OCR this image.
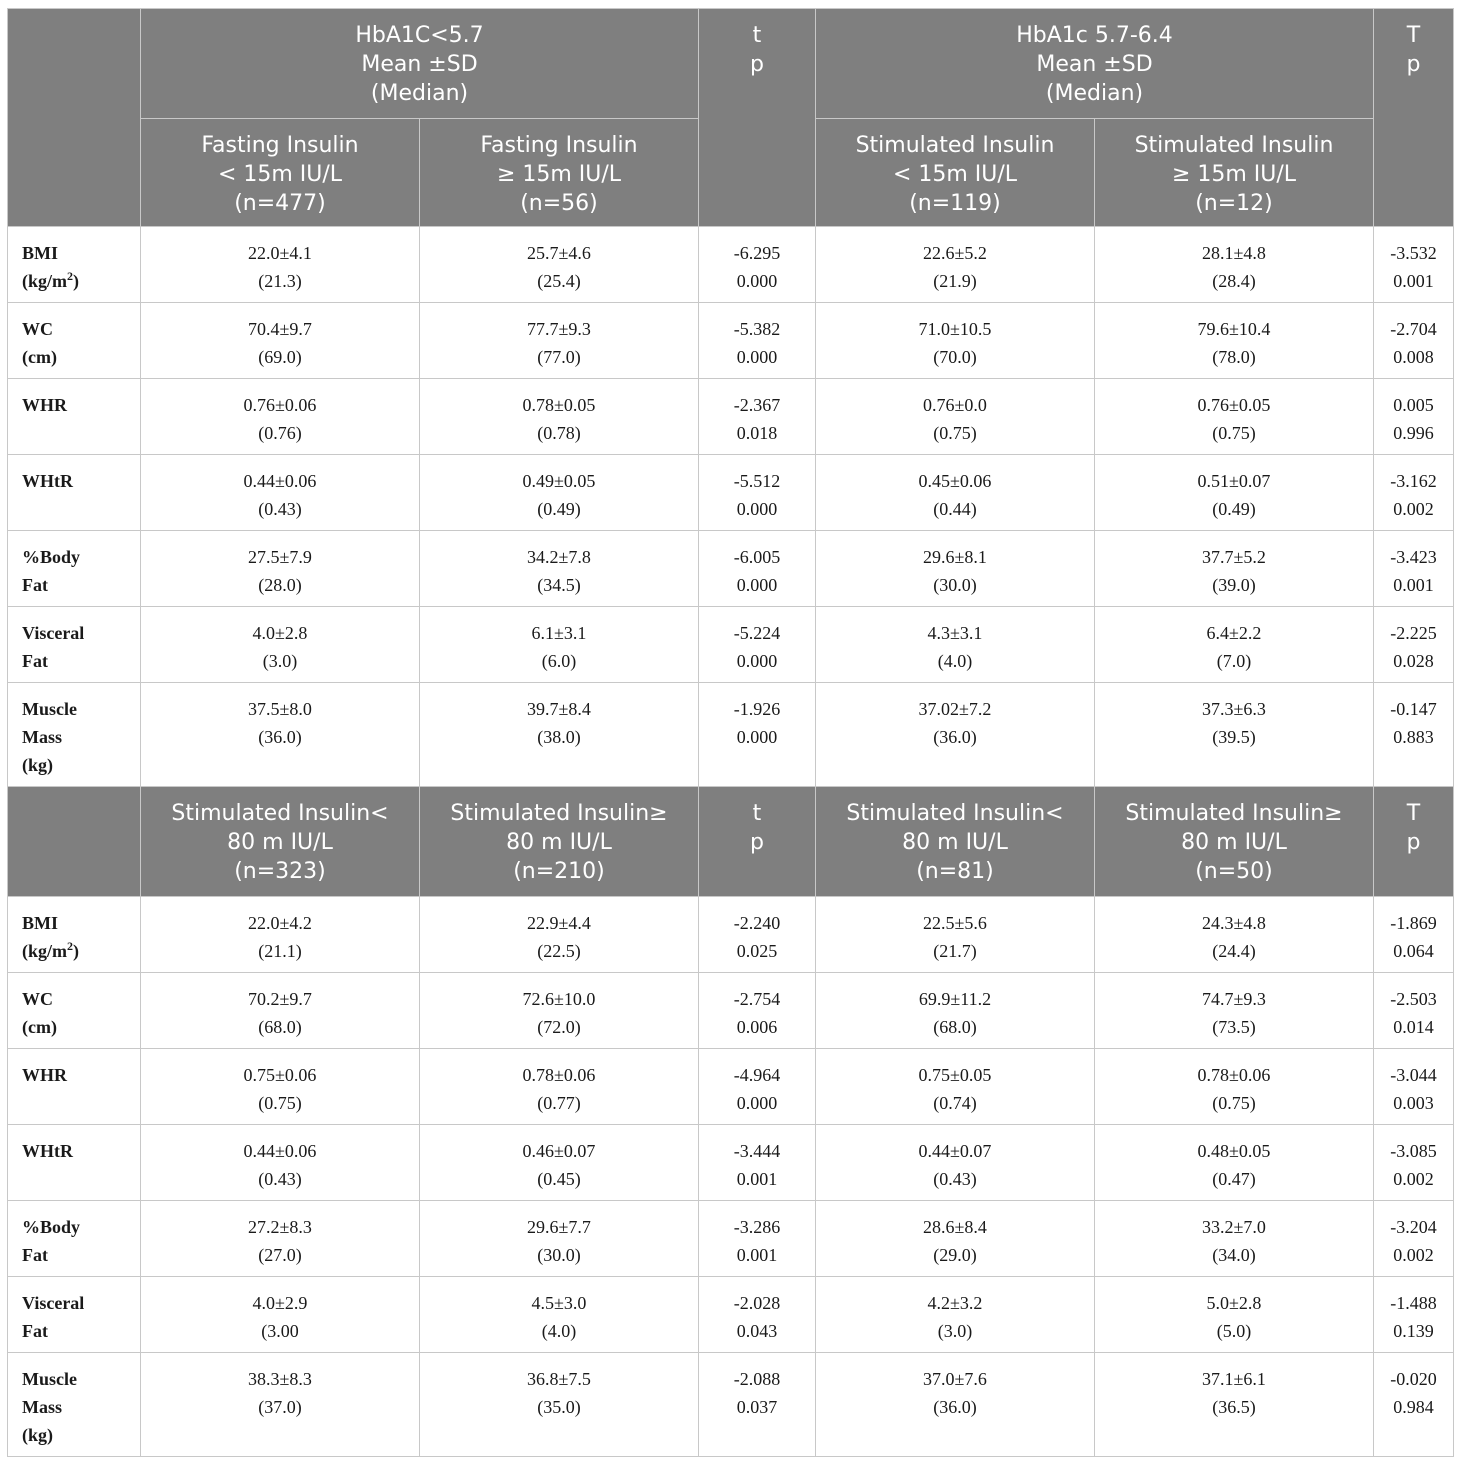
	HbA1C<5.7
Mean ±SD
(Median)		t
p	HbA1c 5.7-6.4
Mean ±SD
(Median)		T
p
	Fasting Insulin
< 15m IU/L
(n=477)	Fasting Insulin
≥ 15m IU/L
(n=56)		Stimulated Insulin
< 15m IU/L
(n=119)	Stimulated Insulin
≥ 15m IU/L
(n=12)	

BMI
$(kg/m^2)$	22.0±4.1
(21.3)	25.7±4.6
(25.4)	-6.295
0.000	22.6±5.2
(21.9)	28.1±4.8
(28.4)	-3.532
0.001

WC
(cm)	70.4±9.7
(69.0)	77.7±9.3
(77.0)	-5.382
0.000	71.0±10.5
(70.0)	79.6±10.4
(78.0)	-2.704
0.008

WHR	0.76±0.06
(0.76)	0.78±0.05
(0.78)	-2.367
0.018	0.76±0.0
(0.75)	0.76±0.05
(0.75)	0.005
0.996

WHtR	0.44±0.06
(0.43)	0.49±0.05
(0.49)	-5.512
0.000	0.45±0.06
(0.44)	0.51±0.07
(0.49)	-3.162
0.002

%Body
Fat	27.5±7.9
(28.0)	34.2±7.8
(34.5)	-6.005
0.000	29.6±8.1
(30.0)	37.7±5.2
(39.0)	-3.423
0.001

Visceral
Fat	4.0±2.8
(3.0)	6.1±3.1
(6.0)	-5.224
0.000	4.3±3.1
(4.0)	6.4±2.2
(7.0)	-2.225
0.028

Muscle
Mass
(kg)	37.5±8.0
(36.0)	39.7±8.4
(38.0)	-1.926
0.000	37.02±7.2
(36.0)	37.3±6.3
(39.5)	-0.147
0.883

	Stimulated Insulin<
80 m IU/L
(n=323)	Stimulated Insulin≥
80 m IU/L
(n=210)	t
p	Stimulated Insulin<
80 m IU/L
(n=81)	Stimulated Insulin≥
80 m IU/L
(n=50)	T
p

BMI
$(kg/m^2)$	22.0±4.2
(21.1)	22.9±4.4
(22.5)	-2.240
0.025	22.5±5.6
(21.7)	24.3±4.8
(24.4)	-1.869
0.064

WC
(cm)	70.2±9.7
(68.0)	72.6±10.0
(72.0)	-2.754
0.006	69.9±11.2
(68.0)	74.7±9.3
(73.5)	-2.503
0.014

WHR	0.75±0.06
(0.75)	0.78±0.06
(0.77)	-4.964
0.000	0.75±0.05
(0.74)	0.78±0.06
(0.75)	-3.044
0.003

WHtR	0.44±0.06
(0.43)	0.46±0.07
(0.45)	-3.444
0.001	0.44±0.07
(0.43)	0.48±0.05
(0.47)	-3.085
0.002

%Body
Fat	27.2±8.3
(27.0)	29.6±7.7
(30.0)	-3.286
0.001	28.6±8.4
(29.0)	33.2±7.0
(34.0)	-3.204
0.002

Visceral
Fat	4.0±2.9
(3.00	4.5±3.0
(4.0)	-2.028
0.043	4.2±3.2
(3.0)	5.0±2.8
(5.0)	-1.488
0.139

Muscle
Mass
(kg)	38.3±8.3
(37.0)	36.8±7.5
(35.0)	-2.088
0.037	37.0±7.6
(36.0)	37.1±6.1
(36.5)	-0.020
0.984
